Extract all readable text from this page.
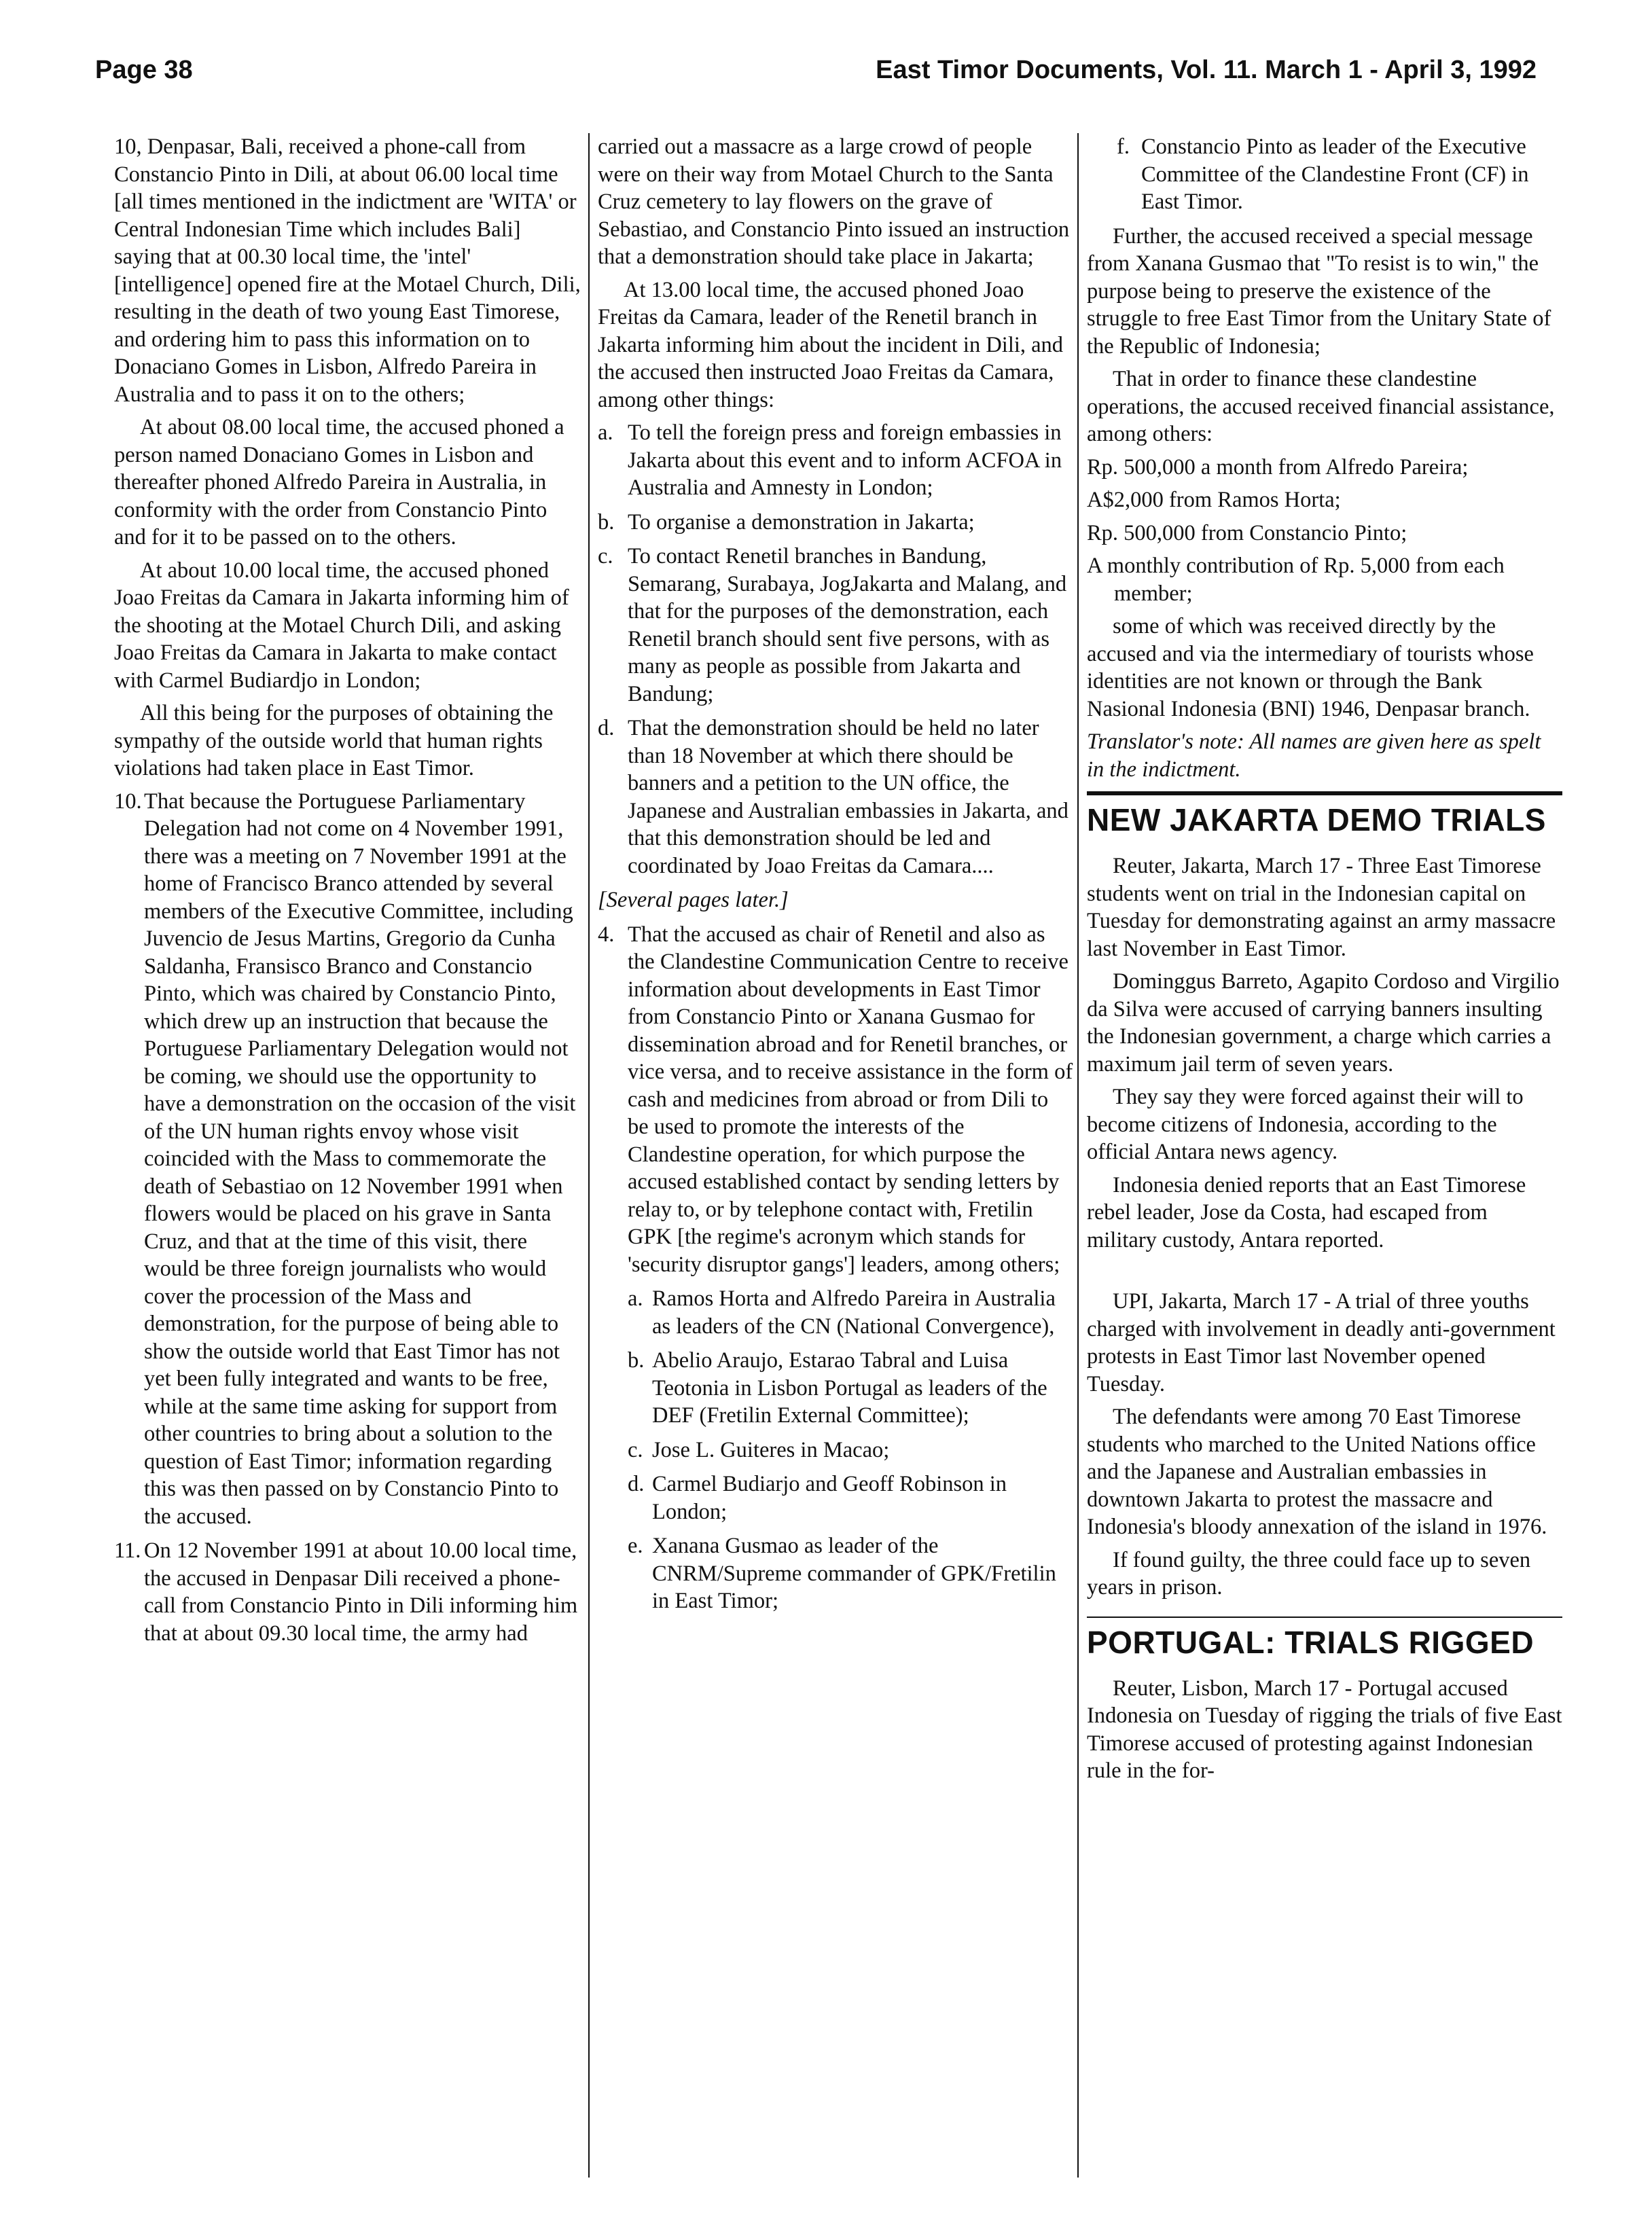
Page 38	East Timor Documents, Vol. 11. March 1 - April 3, 1992

10, Denpasar, Bali, received a phone-call from Constancio Pinto in Dili, at about 06.00 local time [all times mentioned in the indictment are 'WITA' or Central Indonesian Time which includes Bali] saying that at 00.30 local time, the 'intel' [intelligence] opened fire at the Motael Church, Dili, resulting in the death of two young East Timorese, and ordering him to pass this information on to Donaciano Gomes in Lisbon, Alfredo Pareira in Australia and to pass it on to the others;

At about 08.00 local time, the accused phoned a person named Donaciano Gomes in Lisbon and thereafter phoned Alfredo Pareira in Australia, in conformity with the order from Constancio Pinto and for it to be passed on to the others.

At about 10.00 local time, the accused phoned Joao Freitas da Camara in Jakarta informing him of the shooting at the Motael Church Dili, and asking Joao Freitas da Camara in Jakarta to make contact with Carmel Budiardjo in London;

All this being for the purposes of obtaining the sympathy of the outside world that human rights violations had taken place in East Timor.

10. That because the Portuguese Parliamentary Delegation had not come on 4 November 1991, there was a meeting on 7 November 1991 at the home of Francisco Branco attended by several members of the Executive Committee, including Juvencio de Jesus Martins, Gregorio da Cunha Saldanha, Fransisco Branco and Constancio Pinto, which was chaired by Constancio Pinto, which drew up an instruction that because the Portuguese Parliamentary Delegation would not be coming, we should use the opportunity to have a demonstration on the occasion of the visit of the UN human rights envoy whose visit coincided with the Mass to commemorate the death of Sebastiao on 12 November 1991 when flowers would be placed on his grave in Santa Cruz, and that at the time of this visit, there would be three foreign journalists who would cover the procession of the Mass and demonstration, for the purpose of being able to show the outside world that East Timor has not yet been fully integrated and wants to be free, while at the same time asking for support from other countries to bring about a solution to the question of East Timor; information regarding this was then passed on by Constancio Pinto to the accused.
11. On 12 November 1991 at about 10.00 local time, the accused in Denpasar Dili received a phone-call from Constancio Pinto in Dili informing him that at about 09.30 local time, the army had

carried out a massacre as a large crowd of people were on their way from Motael Church to the Santa Cruz cemetery to lay flowers on the grave of Sebastiao, and Constancio Pinto issued an instruction that a demonstration should take place in Jakarta;

At 13.00 local time, the accused phoned Joao Freitas da Camara, leader of the Renetil branch in Jakarta informing him about the incident in Dili, and the accused then instructed Joao Freitas da Camara, among other things:

a. To tell the foreign press and foreign embassies in Jakarta about this event and to inform ACFOA in Australia and Amnesty in London;
b. To organise a demonstration in Jakarta;
c. To contact Renetil branches in Bandung, Semarang, Surabaya, JogJakarta and Malang, and that for the purposes of the demonstration, each Renetil branch should sent five persons, with as many as people as possible from Jakarta and Bandung;
d. That the demonstration should be held no later than 18 November at which there should be banners and a petition to the UN office, the Japanese and Australian embassies in Jakarta, and that this demonstration should be led and coordinated by Joao Freitas da Camara....

[Several pages later.]

4. That the accused as chair of Renetil and also as the Clandestine Communication Centre to receive information about developments in East Timor from Constancio Pinto or Xanana Gusmao for dissemination abroad and for Renetil branches, or vice versa, and to receive assistance in the form of cash and medicines from abroad or from Dili to be used to promote the interests of the Clandestine operation, for which purpose the accused established contact by sending letters by relay to, or by telephone contact with, Fretilin GPK [the regime's acronym which stands for 'security disruptor gangs'] leaders, among others;
a. Ramos Horta and Alfredo Pareira in Australia as leaders of the CN (National Convergence),
b. Abelio Araujo, Estarao Tabral and Luisa Teotonia in Lisbon Portugal as leaders of the DEF (Fretilin External Committee);
c. Jose L. Guiteres in Macao;
d. Carmel Budiarjo and Geoff Robinson in London;
e. Xanana Gusmao as leader of the CNRM/Supreme commander of GPK/Fretilin in East Timor;
f. Constancio Pinto as leader of the Executive Committee of the Clandestine Front (CF) in East Timor.

Further, the accused received a special message from Xanana Gusmao that "To resist is to win," the purpose being to preserve the existence of the struggle to free East Timor from the Unitary State of the Republic of Indonesia;

That in order to finance these clandestine operations, the accused received financial assistance, among others:

Rp. 500,000 a month from Alfredo Pareira;

A$2,000 from Ramos Horta;

Rp. 500,000 from Constancio Pinto;

A monthly contribution of Rp. 5,000 from each member;

some of which was received directly by the accused and via the intermediary of tourists whose identities are not known or through the Bank Nasional Indonesia (BNI) 1946, Denpasar branch.

Translator's note: All names are given here as spelt in the indictment.

NEW JAKARTA DEMO TRIALS

Reuter, Jakarta, March 17 - Three East Timorese students went on trial in the Indonesian capital on Tuesday for demonstrating against an army massacre last November in East Timor.

Dominggus Barreto, Agapito Cordoso and Virgilio da Silva were accused of carrying banners insulting the Indonesian government, a charge which carries a maximum jail term of seven years.

They say they were forced against their will to become citizens of Indonesia, according to the official Antara news agency.

Indonesia denied reports that an East Timorese rebel leader, Jose da Costa, had escaped from military custody, Antara reported.

UPI, Jakarta, March 17 - A trial of three youths charged with involvement in deadly anti-government protests in East Timor last November opened Tuesday.

The defendants were among 70 East Timorese students who marched to the United Nations office and the Japanese and Australian embassies in downtown Jakarta to protest the massacre and Indonesia's bloody annexation of the island in 1976.

If found guilty, the three could face up to seven years in prison.

PORTUGAL: TRIALS RIGGED

Reuter, Lisbon, March 17 - Portugal accused Indonesia on Tuesday of rigging the trials of five East Timorese accused of protesting against Indonesian rule in the for-
